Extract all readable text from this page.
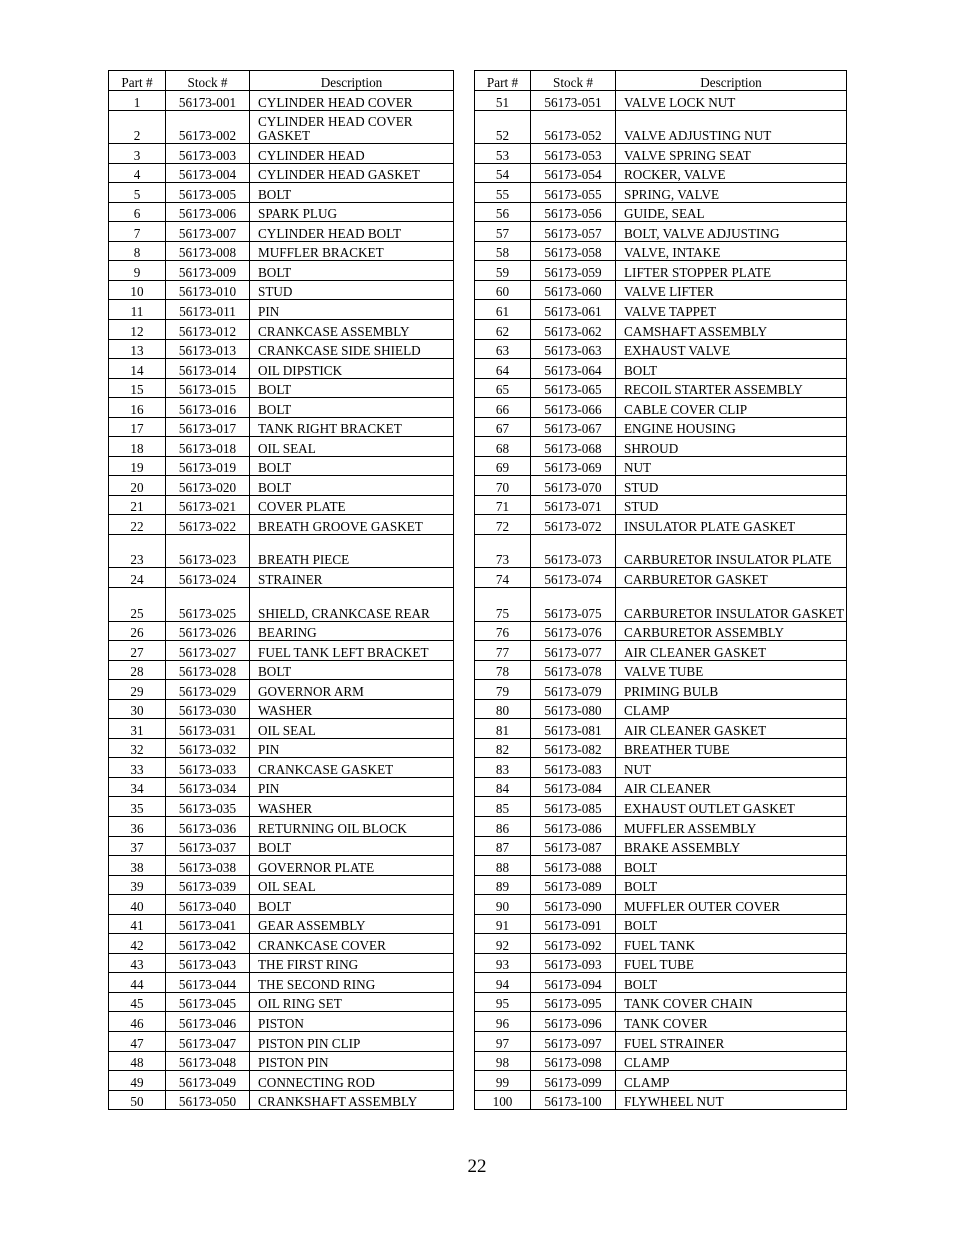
Part #	Stock #	Description
1	56173-001	CYLINDER HEAD COVER
2	56173-002	CYLINDER HEAD COVER GASKET
3	56173-003	CYLINDER HEAD
4	56173-004	CYLINDER HEAD GASKET
5	56173-005	BOLT
6	56173-006	SPARK PLUG
7	56173-007	CYLINDER HEAD BOLT
8	56173-008	MUFFLER BRACKET
9	56173-009	BOLT
10	56173-010	STUD
11	56173-011	PIN
12	56173-012	CRANKCASE ASSEMBLY
13	56173-013	CRANKCASE SIDE SHIELD
14	56173-014	OIL DIPSTICK
15	56173-015	BOLT
16	56173-016	BOLT
17	56173-017	TANK RIGHT BRACKET
18	56173-018	OIL SEAL
19	56173-019	BOLT
20	56173-020	BOLT
21	56173-021	COVER PLATE
22	56173-022	BREATH GROOVE GASKET
23	56173-023	BREATH PIECE
24	56173-024	STRAINER
25	56173-025	SHIELD, CRANKCASE REAR
26	56173-026	BEARING
27	56173-027	FUEL TANK LEFT BRACKET
28	56173-028	BOLT
29	56173-029	GOVERNOR ARM
30	56173-030	WASHER
31	56173-031	OIL SEAL
32	56173-032	PIN
33	56173-033	CRANKCASE GASKET
34	56173-034	PIN
35	56173-035	WASHER
36	56173-036	RETURNING OIL BLOCK
37	56173-037	BOLT
38	56173-038	GOVERNOR PLATE
39	56173-039	OIL SEAL
40	56173-040	BOLT
41	56173-041	GEAR ASSEMBLY
42	56173-042	CRANKCASE COVER
43	56173-043	THE FIRST RING
44	56173-044	THE SECOND RING
45	56173-045	OIL RING SET
46	56173-046	PISTON
47	56173-047	PISTON PIN CLIP
48	56173-048	PISTON PIN
49	56173-049	CONNECTING ROD
50	56173-050	CRANKSHAFT ASSEMBLY
Part #	Stock #	Description
51	56173-051	VALVE LOCK NUT
52	56173-052	VALVE ADJUSTING NUT
53	56173-053	VALVE SPRING SEAT
54	56173-054	ROCKER, VALVE
55	56173-055	SPRING, VALVE
56	56173-056	GUIDE, SEAL
57	56173-057	BOLT, VALVE ADJUSTING
58	56173-058	VALVE, INTAKE
59	56173-059	LIFTER STOPPER PLATE
60	56173-060	VALVE LIFTER
61	56173-061	VALVE TAPPET
62	56173-062	CAMSHAFT ASSEMBLY
63	56173-063	EXHAUST VALVE
64	56173-064	BOLT
65	56173-065	RECOIL STARTER ASSEMBLY
66	56173-066	CABLE COVER CLIP
67	56173-067	ENGINE HOUSING
68	56173-068	SHROUD
69	56173-069	NUT
70	56173-070	STUD
71	56173-071	STUD
72	56173-072	INSULATOR PLATE GASKET
73	56173-073	CARBURETOR INSULATOR PLATE
74	56173-074	CARBURETOR GASKET
75	56173-075	CARBURETOR INSULATOR GASKET
76	56173-076	CARBURETOR ASSEMBLY
77	56173-077	AIR CLEANER GASKET
78	56173-078	VALVE TUBE
79	56173-079	PRIMING BULB
80	56173-080	CLAMP
81	56173-081	AIR CLEANER GASKET
82	56173-082	BREATHER TUBE
83	56173-083	NUT
84	56173-084	AIR CLEANER
85	56173-085	EXHAUST OUTLET GASKET
86	56173-086	MUFFLER ASSEMBLY
87	56173-087	BRAKE ASSEMBLY
88	56173-088	BOLT
89	56173-089	BOLT
90	56173-090	MUFFLER OUTER COVER
91	56173-091	BOLT
92	56173-092	FUEL TANK
93	56173-093	FUEL TUBE
94	56173-094	BOLT
95	56173-095	TANK COVER CHAIN
96	56173-096	TANK COVER
97	56173-097	FUEL STRAINER
98	56173-098	CLAMP
99	56173-099	CLAMP
100	56173-100	FLYWHEEL NUT
22
